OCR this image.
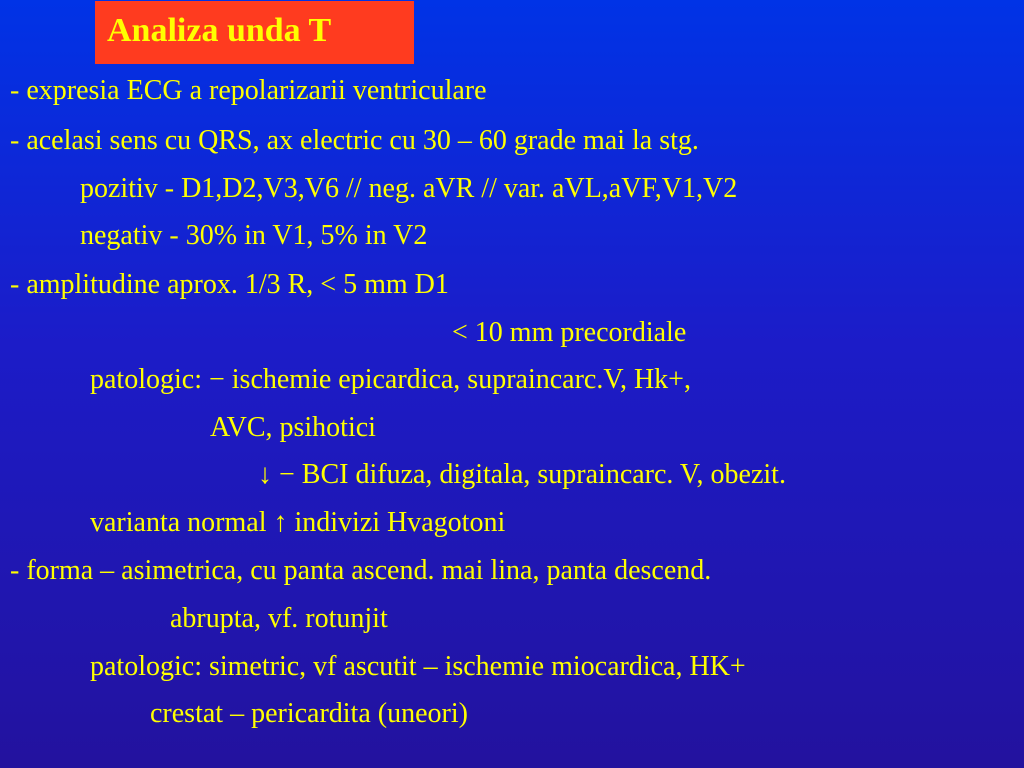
Analiza unda T

- expresia ECG a repolarizarii ventriculare

- acelasi sens cu QRS, ax electric cu 30 – 60 grade mai la stg.

pozitiv - D1,D2,V3,V6 // neg. aVR // var. aVL,aVF,V1,V2

negativ - 30% in V1, 5% in V2

- amplitudine aprox. 1/3 R, < 5 mm D1

< 10 mm precordiale

patologic: − ischemie epicardica, supraincarc.V, Hk+,

AVC, psihotici

↓ − BCI difuza, digitala, supraincarc. V, obezit.

varianta normal ↑ indivizi Hvagotoni

- forma – asimetrica, cu panta ascend. mai lina, panta descend.

abrupta, vf. rotunjit

patologic: simetric, vf ascutit – ischemie miocardica, HK+

crestat – pericardita (uneori)
